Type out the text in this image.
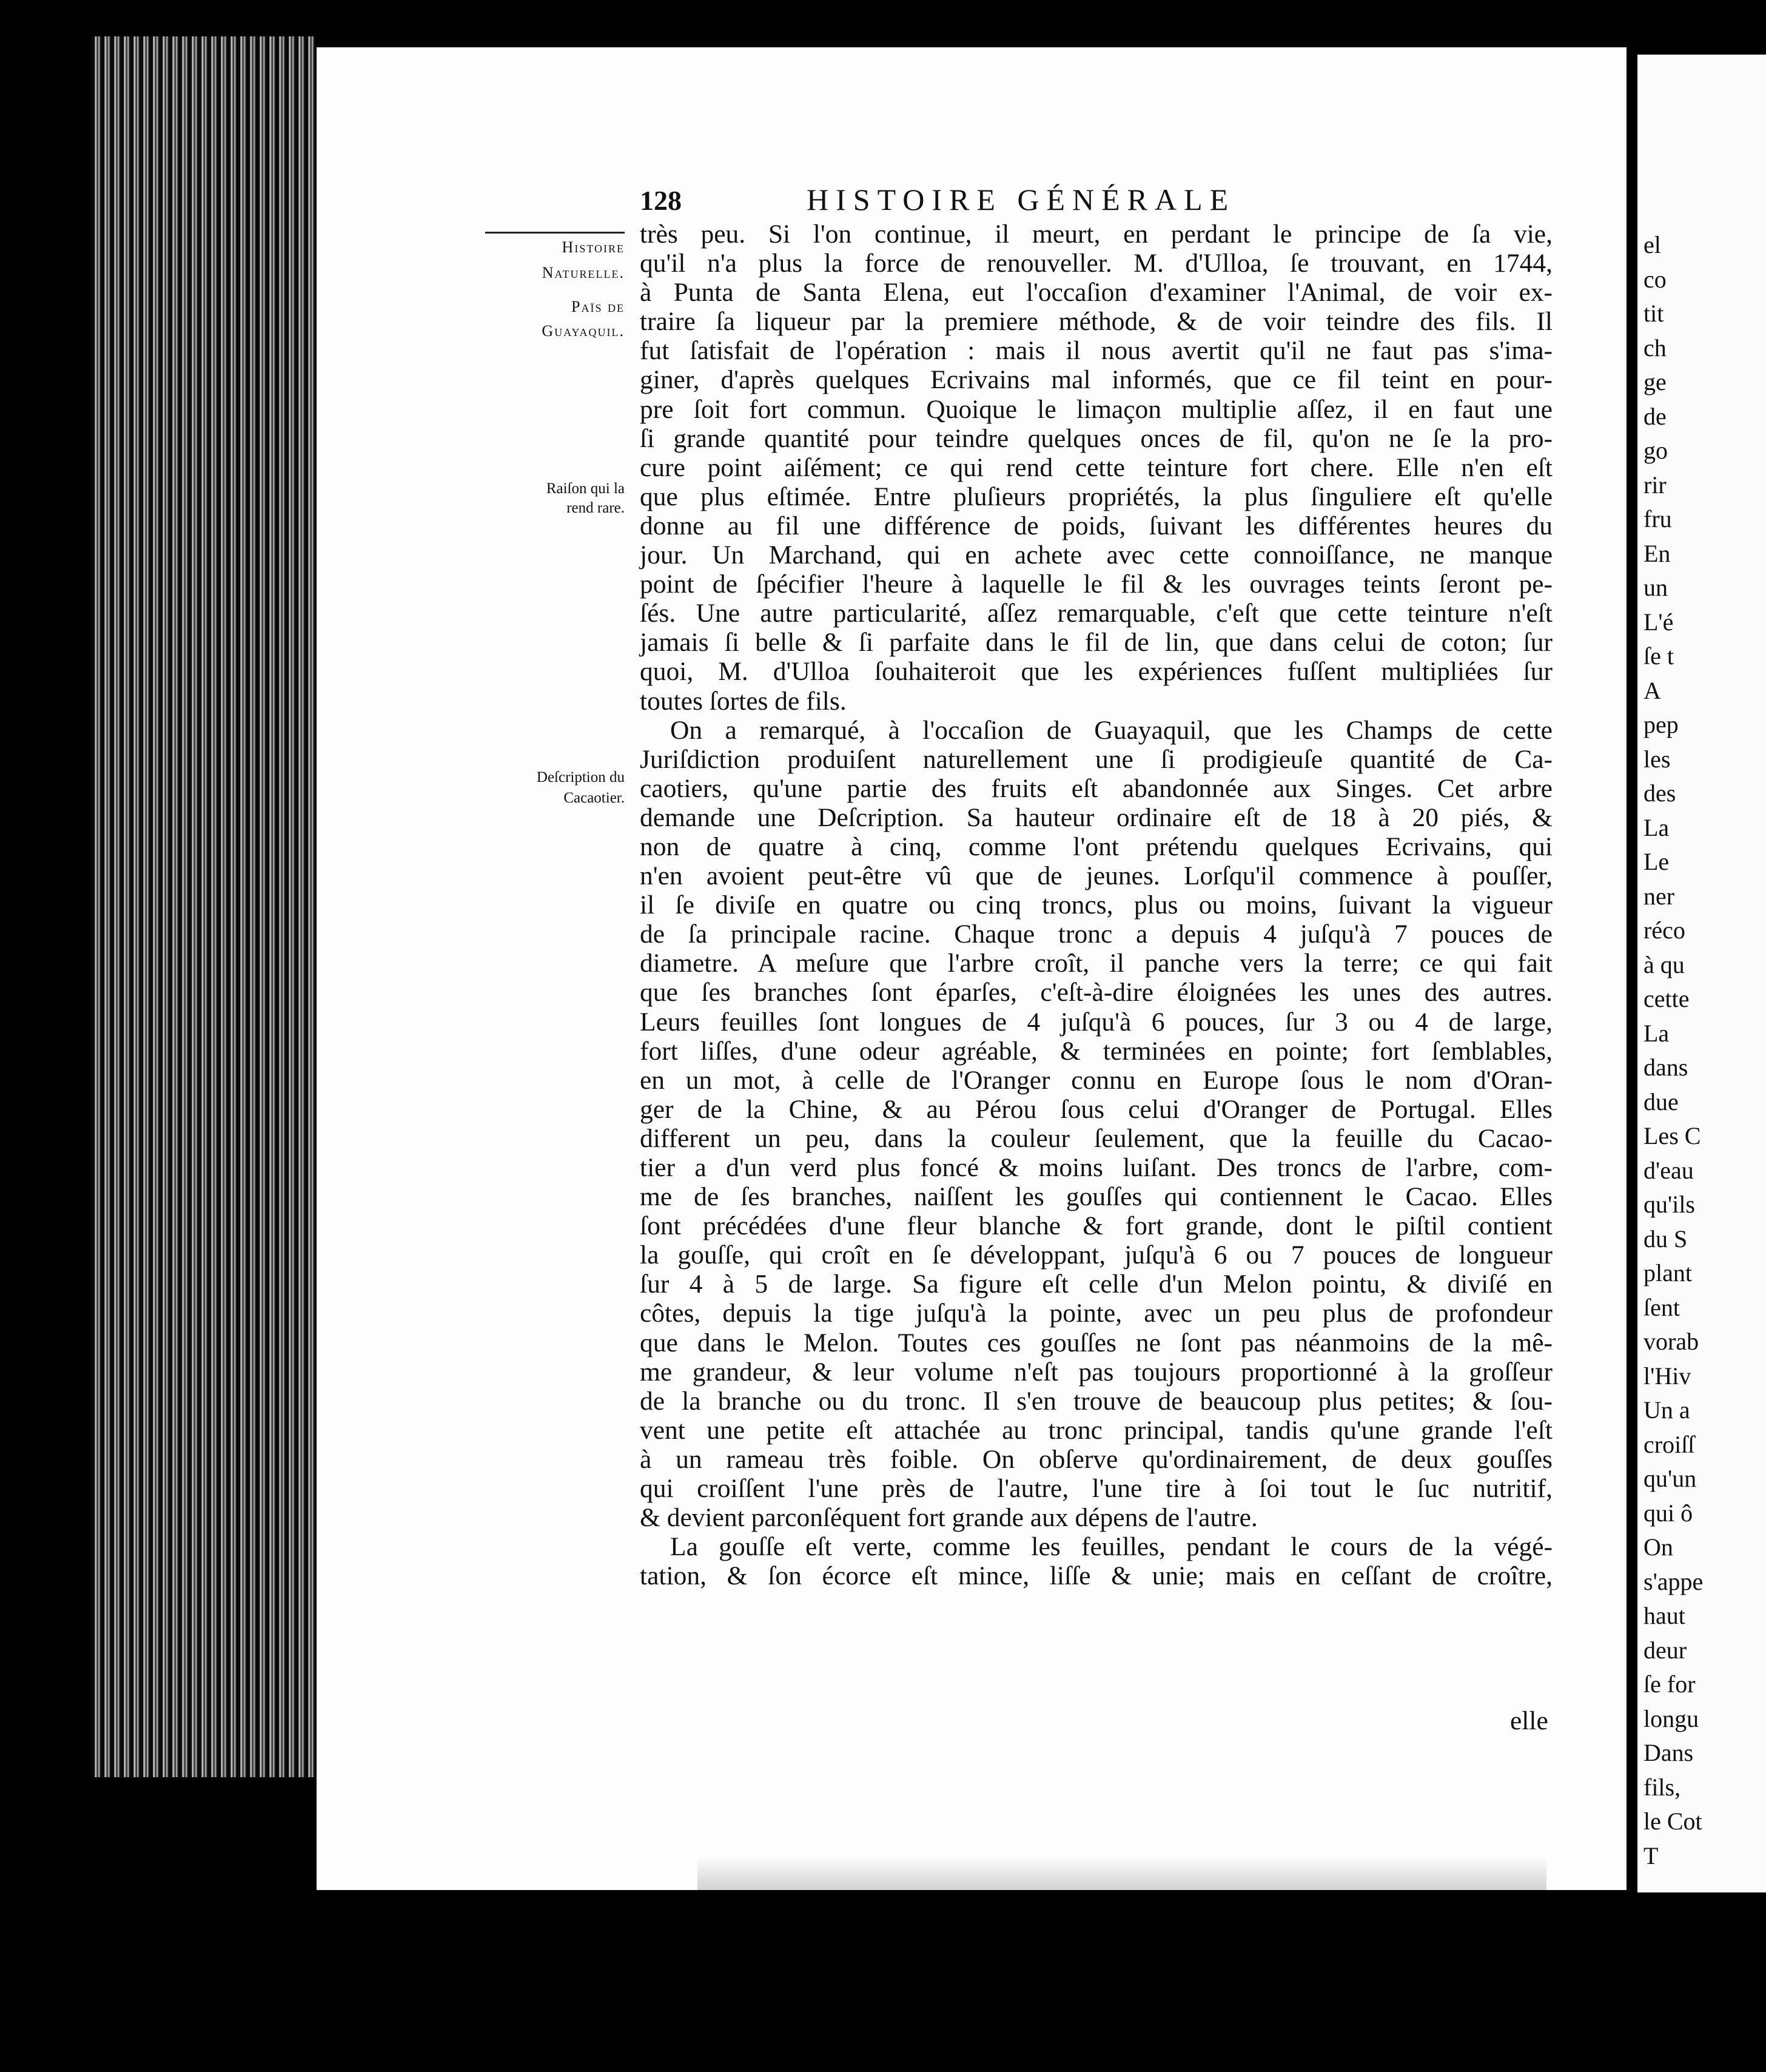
el
co
tit
ch
ge
de
go
rir
fru
En
un
L'é
ſe t
A
pep
les
des
La
Le
ner
réco
à qu
cette
La
dans
due
Les C
d'eau
qu'ils
du S
plant
ſent
vorab
l'Hiv
Un a
croiſſ
qu'un
qui ô
On
s'appe
haut
deur
ſe for
longu
Dans
fils,
le Cot
T
128	HISTOIRE GÉNÉRALE
Histoire
Naturelle.
Païs de
Guayaquil.
Raiſon qui la
rend rare.
Deſcription du
Cacaotier.
très peu. Si l'on continue, il meurt, en perdant le principe de ſa vie,
qu'il n'a plus la force de renouveller. M. d'Ulloa, ſe trouvant, en 1744,
à Punta de Santa Elena, eut l'occaſion d'examiner l'Animal, de voir ex-
traire ſa liqueur par la premiere méthode, & de voir teindre des fils. Il
fut ſatisfait de l'opération : mais il nous avertit qu'il ne faut pas s'ima-
giner, d'après quelques Ecrivains mal informés, que ce fil teint en pour-
pre ſoit fort commun. Quoique le limaçon multiplie aſſez, il en faut une
ſi grande quantité pour teindre quelques onces de fil, qu'on ne ſe la pro-
cure point aiſément; ce qui rend cette teinture fort chere. Elle n'en eſt
que plus eſtimée. Entre pluſieurs propriétés, la plus ſinguliere eſt qu'elle
donne au fil une différence de poids, ſuivant les différentes heures du
jour. Un Marchand, qui en achete avec cette connoiſſance, ne manque
point de ſpécifier l'heure à laquelle le fil & les ouvrages teints ſeront pe-
ſés. Une autre particularité, aſſez remarquable, c'eſt que cette teinture n'eſt
jamais ſi belle & ſi parfaite dans le fil de lin, que dans celui de coton; ſur
quoi, M. d'Ulloa ſouhaiteroit que les expériences fuſſent multipliées ſur
toutes ſortes de fils.
On a remarqué, à l'occaſion de Guayaquil, que les Champs de cette
Juriſdiction produiſent naturellement une ſi prodigieuſe quantité de Ca-
caotiers, qu'une partie des fruits eſt abandonnée aux Singes. Cet arbre
demande une Deſcription. Sa hauteur ordinaire eſt de 18 à 20 piés, &
non de quatre à cinq, comme l'ont prétendu quelques Ecrivains, qui
n'en avoient peut-être vû que de jeunes. Lorſqu'il commence à pouſſer,
il ſe diviſe en quatre ou cinq troncs, plus ou moins, ſuivant la vigueur
de ſa principale racine. Chaque tronc a depuis 4 juſqu'à 7 pouces de
diametre. A meſure que l'arbre croît, il panche vers la terre; ce qui fait
que ſes branches ſont éparſes, c'eſt-à-dire éloignées les unes des autres.
Leurs feuilles ſont longues de 4 juſqu'à 6 pouces, ſur 3 ou 4 de large,
fort liſſes, d'une odeur agréable, & terminées en pointe; fort ſemblables,
en un mot, à celle de l'Oranger connu en Europe ſous le nom d'Oran-
ger de la Chine, & au Pérou ſous celui d'Oranger de Portugal. Elles
different un peu, dans la couleur ſeulement, que la feuille du Cacao-
tier a d'un verd plus foncé & moins luiſant. Des troncs de l'arbre, com-
me de ſes branches, naiſſent les gouſſes qui contiennent le Cacao. Elles
ſont précédées d'une fleur blanche & fort grande, dont le piſtil contient
la gouſſe, qui croît en ſe développant, juſqu'à 6 ou 7 pouces de longueur
ſur 4 à 5 de large. Sa figure eſt celle d'un Melon pointu, & diviſé en
côtes, depuis la tige juſqu'à la pointe, avec un peu plus de profondeur
que dans le Melon. Toutes ces gouſſes ne ſont pas néanmoins de la mê-
me grandeur, & leur volume n'eſt pas toujours proportionné à la groſſeur
de la branche ou du tronc. Il s'en trouve de beaucoup plus petites; & ſou-
vent une petite eſt attachée au tronc principal, tandis qu'une grande l'eſt
à un rameau très foible. On obſerve qu'ordinairement, de deux gouſſes
qui croiſſent l'une près de l'autre, l'une tire à ſoi tout le ſuc nutritif,
& devient parconſéquent fort grande aux dépens de l'autre.
La gouſſe eſt verte, comme les feuilles, pendant le cours de la végé-
tation, & ſon écorce eſt mince, liſſe & unie; mais en ceſſant de croître,
elle
